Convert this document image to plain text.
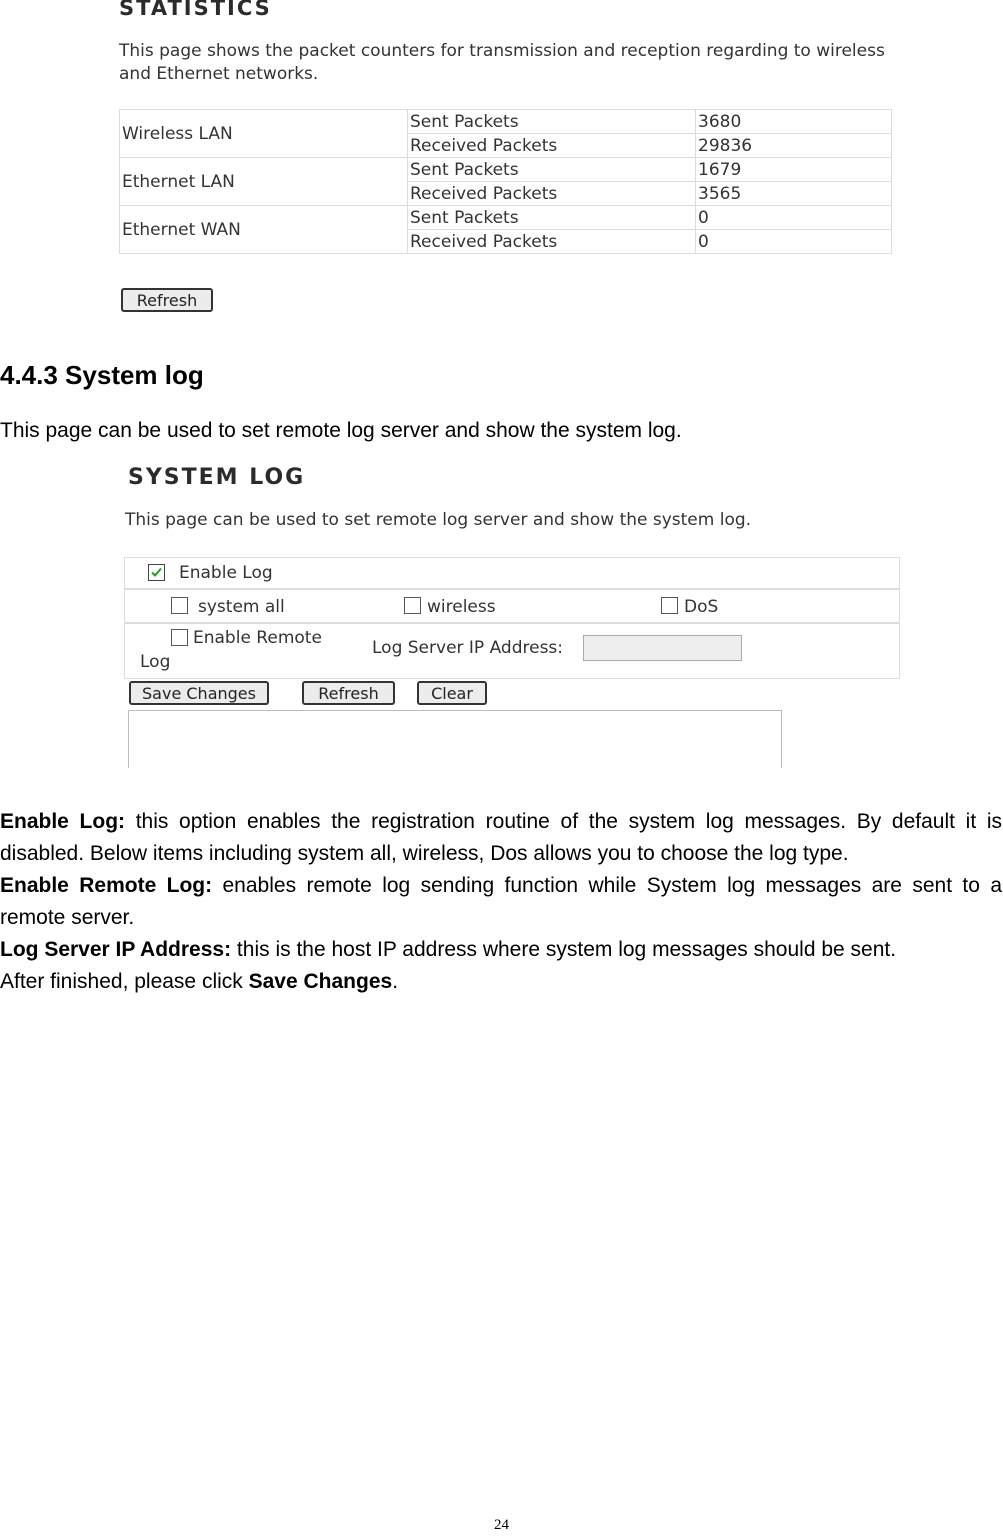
STATISTICS
This page shows the packet counters for transmission and reception regarding to wireless and Ethernet networks.
Wireless LAN	Sent Packets	3680
	Received Packets	29836
Ethernet LAN	Sent Packets	1679
	Received Packets	3565
Ethernet WAN	Sent Packets	0
	Received Packets	0
Refresh
4.4.3 System log
This page can be used to set remote log server and show the system log.
SYSTEM LOG
This page can be used to set remote log server and show the system log.
Enable Log
system all	wireless	DoS
Enable Remote
Log
Log Server IP Address:
Save Changes	Refresh	Clear

Enable Log: this option enables the registration routine of the system log messages. By default it is disabled. Below items including system all, wireless, Dos allows you to choose the log type.

Enable Remote Log: enables remote log sending function while System log messages are sent to a remote server.

Log Server IP Address: this is the host IP address where system log messages should be sent.

After finished, please click Save Changes.

24
